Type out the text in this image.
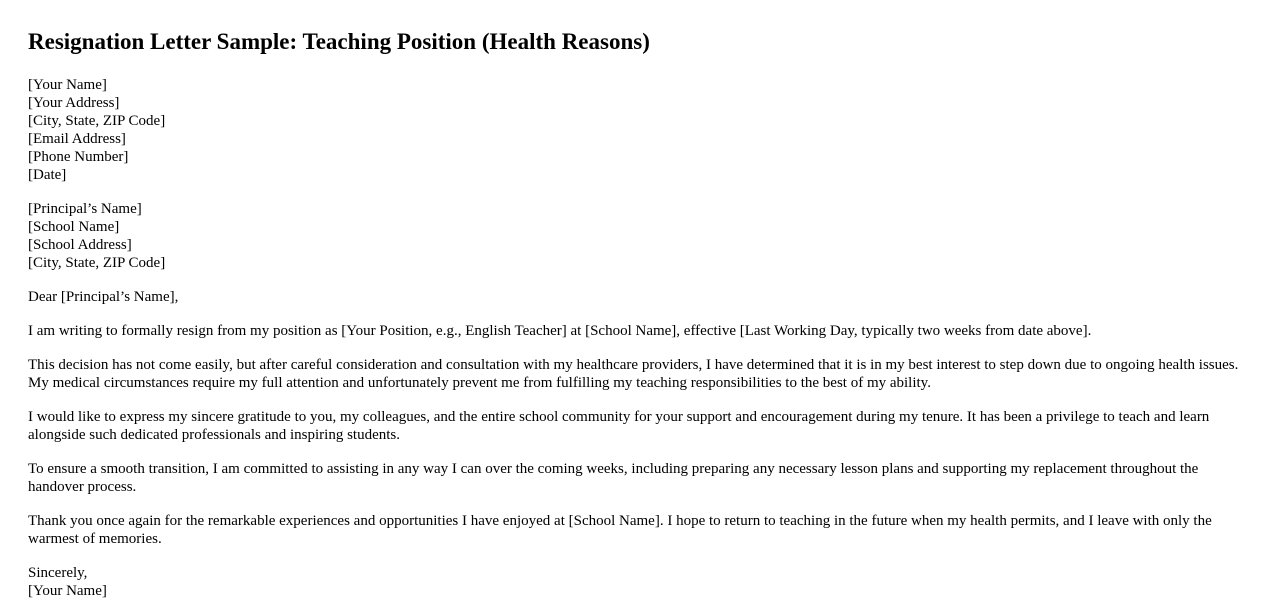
Resignation Letter Sample: Teaching Position (Health Reasons)
[Your Name]
[Your Address]
[City, State, ZIP Code]
[Email Address]
[Phone Number]
[Date]
[Principal’s Name]
[School Name]
[School Address]
[City, State, ZIP Code]

Dear [Principal’s Name],

I am writing to formally resign from my position as [Your Position, e.g., English Teacher] at [School Name], effective [Last Working Day, typically two weeks from date above].

This decision has not come easily, but after careful consideration and consultation with my healthcare providers, I have determined that it is in my best interest to step down due to ongoing health issues. My medical circumstances require my full attention and unfortunately prevent me from fulfilling my teaching responsibilities to the best of my ability.

I would like to express my sincere gratitude to you, my colleagues, and the entire school community for your support and encouragement during my tenure. It has been a privilege to teach and learn alongside such dedicated professionals and inspiring students.

To ensure a smooth transition, I am committed to assisting in any way I can over the coming weeks, including preparing any necessary lesson plans and supporting my replacement throughout the handover process.

Thank you once again for the remarkable experiences and opportunities I have enjoyed at [School Name]. I hope to return to teaching in the future when my health permits, and I leave with only the warmest of memories.

Sincerely,
[Your Name]
